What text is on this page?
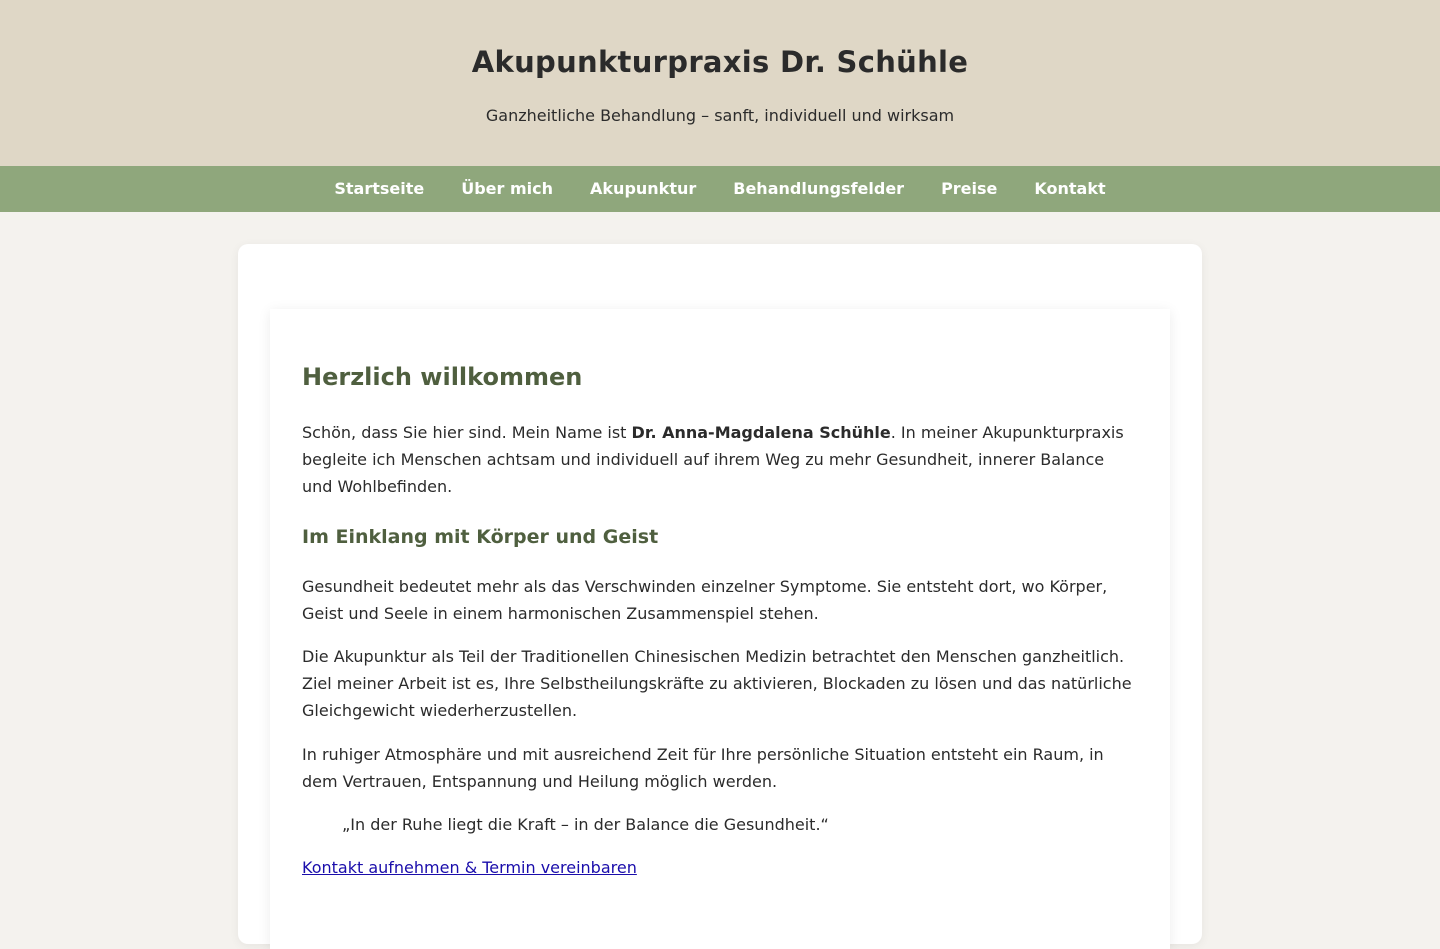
Akupunkturpraxis Dr. Schühle

Ganzheitliche Behandlung – sanft, individuell und wirksam

Startseite Über mich Akupunktur Behandlungsfelder Preise Kontakt
Herzlich willkommen

Schön, dass Sie hier sind. Mein Name ist Dr. Anna-Magdalena Schühle. In meiner Akupunkturpraxis begleite ich Menschen achtsam und individuell auf ihrem Weg zu mehr Gesundheit, innerer Balance und Wohlbefinden.

Im Einklang mit Körper und Geist

Gesundheit bedeutet mehr als das Verschwinden einzelner Symptome. Sie entsteht dort, wo Körper, Geist und Seele in einem harmonischen Zusammenspiel stehen.

Die Akupunktur als Teil der Traditionellen Chinesischen Medizin betrachtet den Menschen ganzheitlich. Ziel meiner Arbeit ist es, Ihre Selbstheilungskräfte zu aktivieren, Blockaden zu lösen und das natürliche Gleichgewicht wiederherzustellen.

In ruhiger Atmosphäre und mit ausreichend Zeit für Ihre persönliche Situation entsteht ein Raum, in dem Vertrauen, Entspannung und Heilung möglich werden.

„In der Ruhe liegt die Kraft – in der Balance die Gesundheit.“
Kontakt aufnehmen & Termin vereinbaren
